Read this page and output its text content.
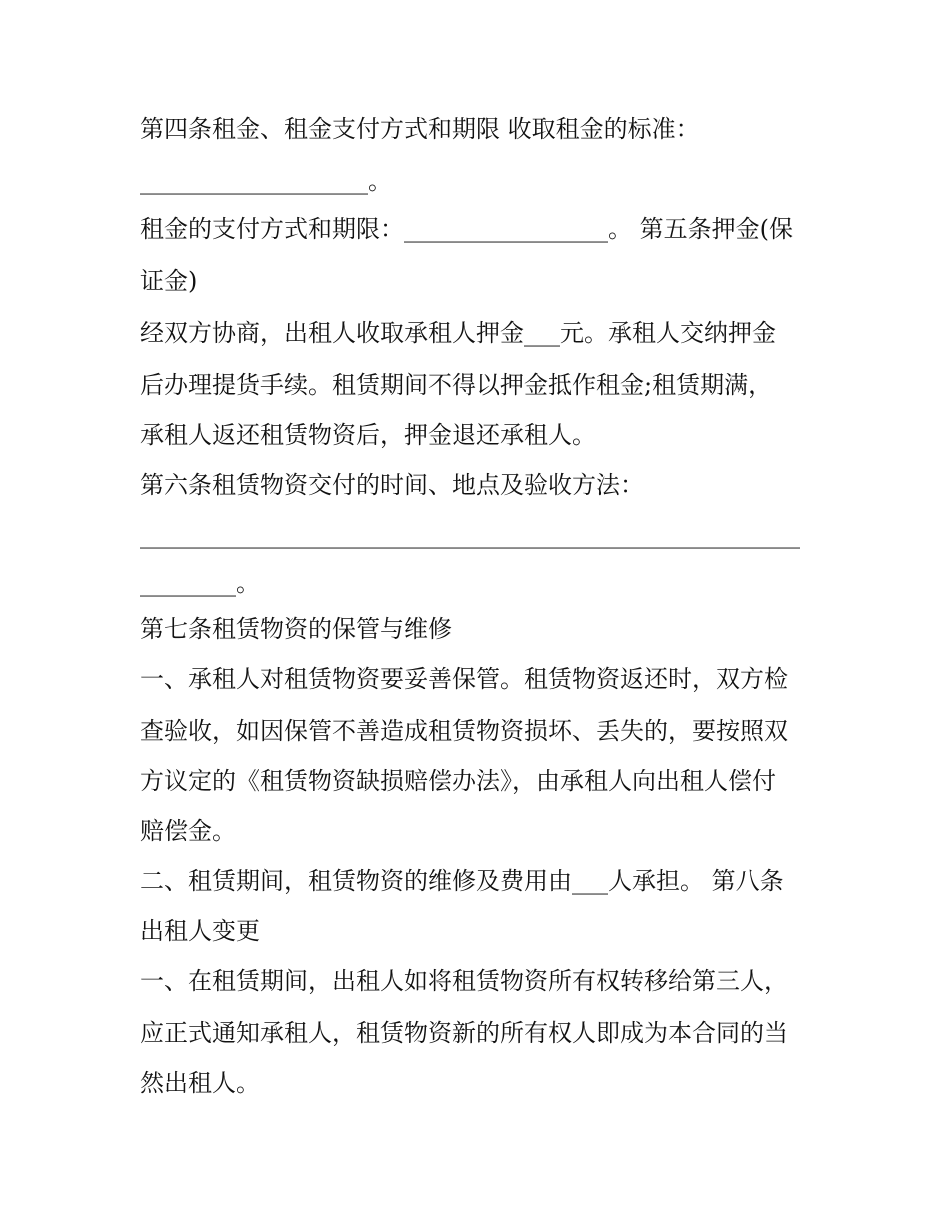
第四条租金、租金支付方式和期限 收取租金的标准：
___________________。
租金的支付方式和期限：_________________。 第五条押金(保
证金)
经双方协商，出租人收取承租人押金___元。承租人交纳押金
后办理提货手续。租赁期间不得以押金抵作租金;租赁期满，
承租人返还租赁物资后，押金退还承租人。
第六条租赁物资交付的时间、地点及验收方法：
_______________________________________________________
________。
第七条租赁物资的保管与维修
一、承租人对租赁物资要妥善保管。租赁物资返还时，双方检
查验收，如因保管不善造成租赁物资损坏、丢失的，要按照双
方议定的《租赁物资缺损赔偿办法》，由承租人向出租人偿付
赔偿金。
二、租赁期间，租赁物资的维修及费用由___人承担。 第八条
出租人变更
一、在租赁期间，出租人如将租赁物资所有权转移给第三人，
应正式通知承租人，租赁物资新的所有权人即成为本合同的当
然出租人。
